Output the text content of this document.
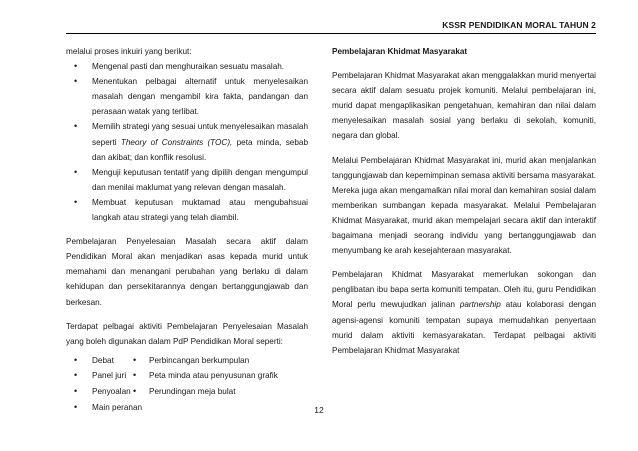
KSSR PENDIDIKAN MORAL TAHUN 2

melalui proses inkuiri yang berikut:

• Mengenal pasti dan menghuraikan sesuatu masalah.
• Menentukan pelbagai alternatif untuk menyelesaikan masalah dengan mengambil kira fakta, pandangan dan perasaan watak yang terlibat.
• Memilih strategi yang sesuai untuk menyelesaikan masalah seperti Theory of Constraints (TOC), peta minda, sebab dan akibat; dan konflik resolusi.
• Menguji keputusan tentatif yang dipilih dengan mengumpul dan menilai maklumat yang relevan dengan masalah.
• Membuat keputusan muktamad atau mengubahsuai langkah atau strategi yang telah diambil.

Pembelajaran Penyelesaian Masalah secara aktif dalam Pendidikan Moral akan menjadikan asas kepada murid untuk memahami dan menangani perubahan yang berlaku di dalam kehidupan dan persekitarannya dengan bertanggungjawab dan berkesan.

Terdapat pelbagai aktiviti Pembelajaran Penyelesaian Masalah yang boleh digunakan dalam PdP Pendidikan Moral seperti:

• Debat
• Panel juri
• Penyoalan
• Main peranan
• Perbincangan berkumpulan
• Peta minda atau penyusunan grafik
• Perundingan meja bulat

Pembelajaran Khidmat Masyarakat

Pembelajaran Khidmat Masyarakat akan menggalakkan murid menyertai secara aktif dalam sesuatu projek komuniti. Melalui pembelajaran ini, murid dapat mengaplikasikan pengetahuan, kemahiran dan nilai dalam menyelesaikan masalah sosial yang berlaku di sekolah, komuniti, negara dan global.

Melalui Pembelajaran Khidmat Masyarakat ini, murid akan menjalankan tanggungjawab dan kepemimpinan semasa aktiviti bersama masyarakat. Mereka juga akan mengamalkan nilai moral dan kemahiran sosial dalam memberikan sumbangan kepada masyarakat. Melalui Pembelajaran Khidmat Masyarakat, murid akan mempelajari secara aktif dan interaktif bagaimana menjadi seorang individu yang bertanggungjawab dan menyumbang ke arah kesejahteraan masyarakat.

Pembelajaran Khidmat Masyarakat memerlukan sokongan dan penglibatan ibu bapa serta komuniti tempatan. Oleh itu, guru Pendidikan Moral perlu mewujudkan jalinan partnership atau kolaborasi dengan agensi-agensi komuniti tempatan supaya memudahkan penyertaan murid dalam aktiviti kemasyarakatan. Terdapat pelbagai aktiviti Pembelajaran Khidmat Masyarakat

12
